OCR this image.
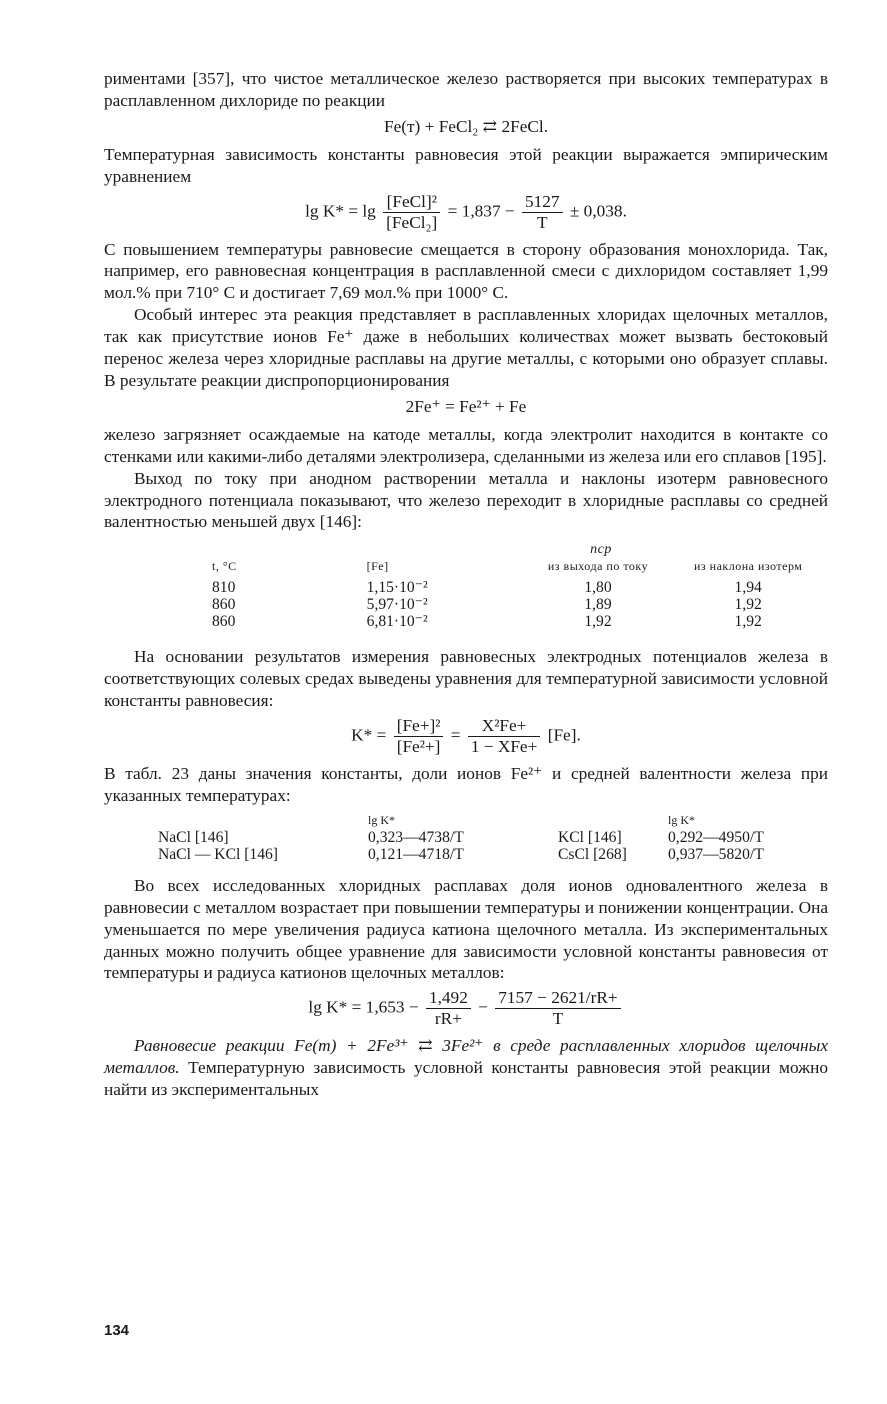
риментами [357], что чистое металлическое железо растворяется при высоких температурах в расплавленном дихлориде по реакции

Fe(т) + FeCl₂ ⇄ 2FeCl.

Температурная зависимость константы равновесия этой реакции выражается эмпирическим уравнением

$\lg K* = \lg \frac{\text{[FeCl]²}}{\text{[FeCl₂]}} = 1,837 - \frac{5127}{T} \pm 0,038$.

С повышением температуры равновесие смещается в сторону образования монохлорида. Так, например, его равновесная концентрация в расплавленной смеси с дихлоридом составляет 1,99 мол.% при 710° С и достигает 7,69 мол.% при 1000° С.

Особый интерес эта реакция представляет в расплавленных хлоридах щелочных металлов, так как присутствие ионов Fe⁺ даже в небольших количествах может вызвать бестоковый перенос железа через хлоридные расплавы на другие металлы, с которыми оно образует сплавы. В результате реакции диспропорционирования

2Fe⁺ = Fe²⁺ + Fe

железо загрязняет осаждаемые на катоде металлы, когда электролит находится в контакте со стенками или какими-либо деталями электролизера, сделанными из железа или его сплавов [195].

Выход по току при анодном растворении металла и наклоны изотерм равновесного электродного потенциала показывают, что железо переходит в хлоридные расплавы со средней валентностью меньшей двух [146]:

nср			
t, °C	[Fe]	из выхода по току	из наклона изотерм

810	1,15·10⁻²	1,80	1,94
860	5,97·10⁻²	1,89	1,92
860	6,81·10⁻²	1,92	1,92

На основании результатов измерения равновесных электродных потенциалов железа в соответствующих солевых средах выведены уравнения для температурной зависимости условной константы равновесия:

$K* = \frac{\text{[Fe+]²}}{\text{[Fe²+]}} = \frac{\text{X²Fe+}}{\text{1 − XFe+}} [Fe]$.

В табл. 23 даны значения константы, доли ионов Fe²⁺ и средней валентности железа при указанных температурах:

	lg K*		lg K*
NaCl [146]	0,323—4738/T	KCl [146]	0,292—4950/T
NaCl — KCl [146]	0,121—4718/T	CsCl [268]	0,937—5820/T

Во всех исследованных хлоридных расплавах доля ионов одновалентного железа в равновесии с металлом возрастает при повышении температуры и понижении концентрации. Она уменьшается по мере увеличения радиуса катиона щелочного металла. Из экспериментальных данных можно получить общее уравнение для зависимости условной константы равновесия от температуры и радиуса катионов щелочных металлов:

$\lg K* = 1,653 - \frac{1,492}{rR+} - \frac{7157 - 2621/rR+}{T}$

Равновесие реакции Fe(т) + 2Fe³⁺ ⇄ 3Fe²⁺ в среде расплавленных хлоридов щелочных металлов. Температурную зависимость условной константы равновесия этой реакции можно найти из экспериментальных

134
